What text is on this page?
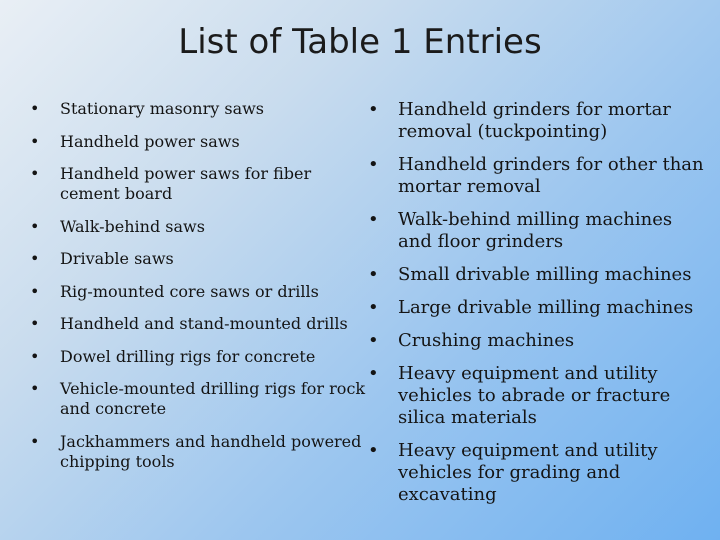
List of Table 1 Entries
• Stationary masonry saws
• Handheld power saws
• Handheld power saws for fiber cement board
• Walk-behind saws
• Drivable saws
• Rig-mounted core saws or drills
• Handheld and stand-mounted drills
• Dowel drilling rigs for concrete
• Vehicle-mounted drilling rigs for rock and concrete
• Jackhammers and handheld powered chipping tools
• Handheld grinders for mortar removal (tuckpointing)
• Handheld grinders for other than mortar removal
• Walk-behind milling machines and floor grinders
• Small drivable milling machines
• Large drivable milling machines
• Crushing machines
• Heavy equipment and utility vehicles to abrade or fracture silica materials
• Heavy equipment and utility vehicles for grading and excavating
